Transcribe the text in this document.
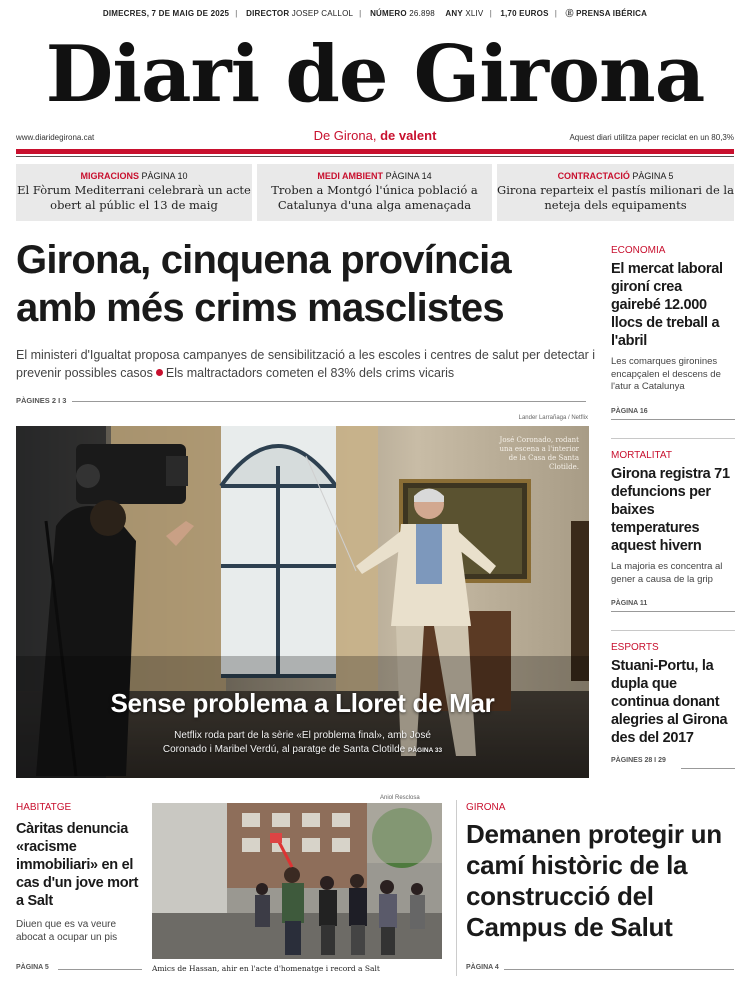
DIMECRES, 7 DE MAIG DE 2025 | DIRECTOR JOSEP CALLOL | NÚMERO 26.898 ANY XLIV | 1,70 EUROS | Ⓔ PRENSA IBÉRICA
Diari de Girona
www.diaridegirona.cat	De Girona, de valent	Aquest diari utilitza paper reciclat en un 80,3%
MIGRACIONS PÀGINA 10
El Fòrum Mediterrani celebrarà un acte obert al públic el 13 de maig
MEDI AMBIENT PÀGINA 14
Troben a Montgó l'única població a Catalunya d'una alga amenaçada
CONTRACTACIÓ PÀGINA 5
Girona reparteix el pastís milionari de la neteja dels equipaments
Girona, cinquena província amb més crims masclistes
El ministeri d'Igualtat proposa campanyes de sensibilització a les escoles i centres de salut per detectar i prevenir possibles casos Els maltractadors cometen el 83% dels crims vicaris
PÀGINES 2 I 3
Lander Larrañaga / Netflix
José Coronado, rodant una escena a l'interior de la Casa de Santa Clotilde.
Sense problema a Lloret de Mar
Netflix roda part de la sèrie «El problema final», amb José
Coronado i Maribel Verdú, al paratge de Santa Clotilde PÀGINA 33
ECONOMIA
El mercat laboral gironí crea gairebé 12.000 llocs de treball a l'abril
Les comarques gironines encapçalen el descens de l'atur a Catalunya
PÀGINA 16
MORTALITAT
Girona registra 71 defuncions per baixes temperatures aquest hivern
La majoria es concentra al gener a causa de la grip
PÀGINA 11
ESPORTS
Stuani-Portu, la dupla que continua donant alegries al Girona des del 2017
PÀGINES 28 I 29
HABITATGE
Càritas denuncia «racisme immobiliari» en el cas d'un jove mort a Salt
Diuen que es va veure abocat a ocupar un pis
PÀGINA 5
Aniol Resclosa
Amics de Hassan, ahir en l'acte d'homenatge i record a Salt
GIRONA
Demanen protegir un camí històric de la construcció del Campus de Salut
PÀGINA 4
